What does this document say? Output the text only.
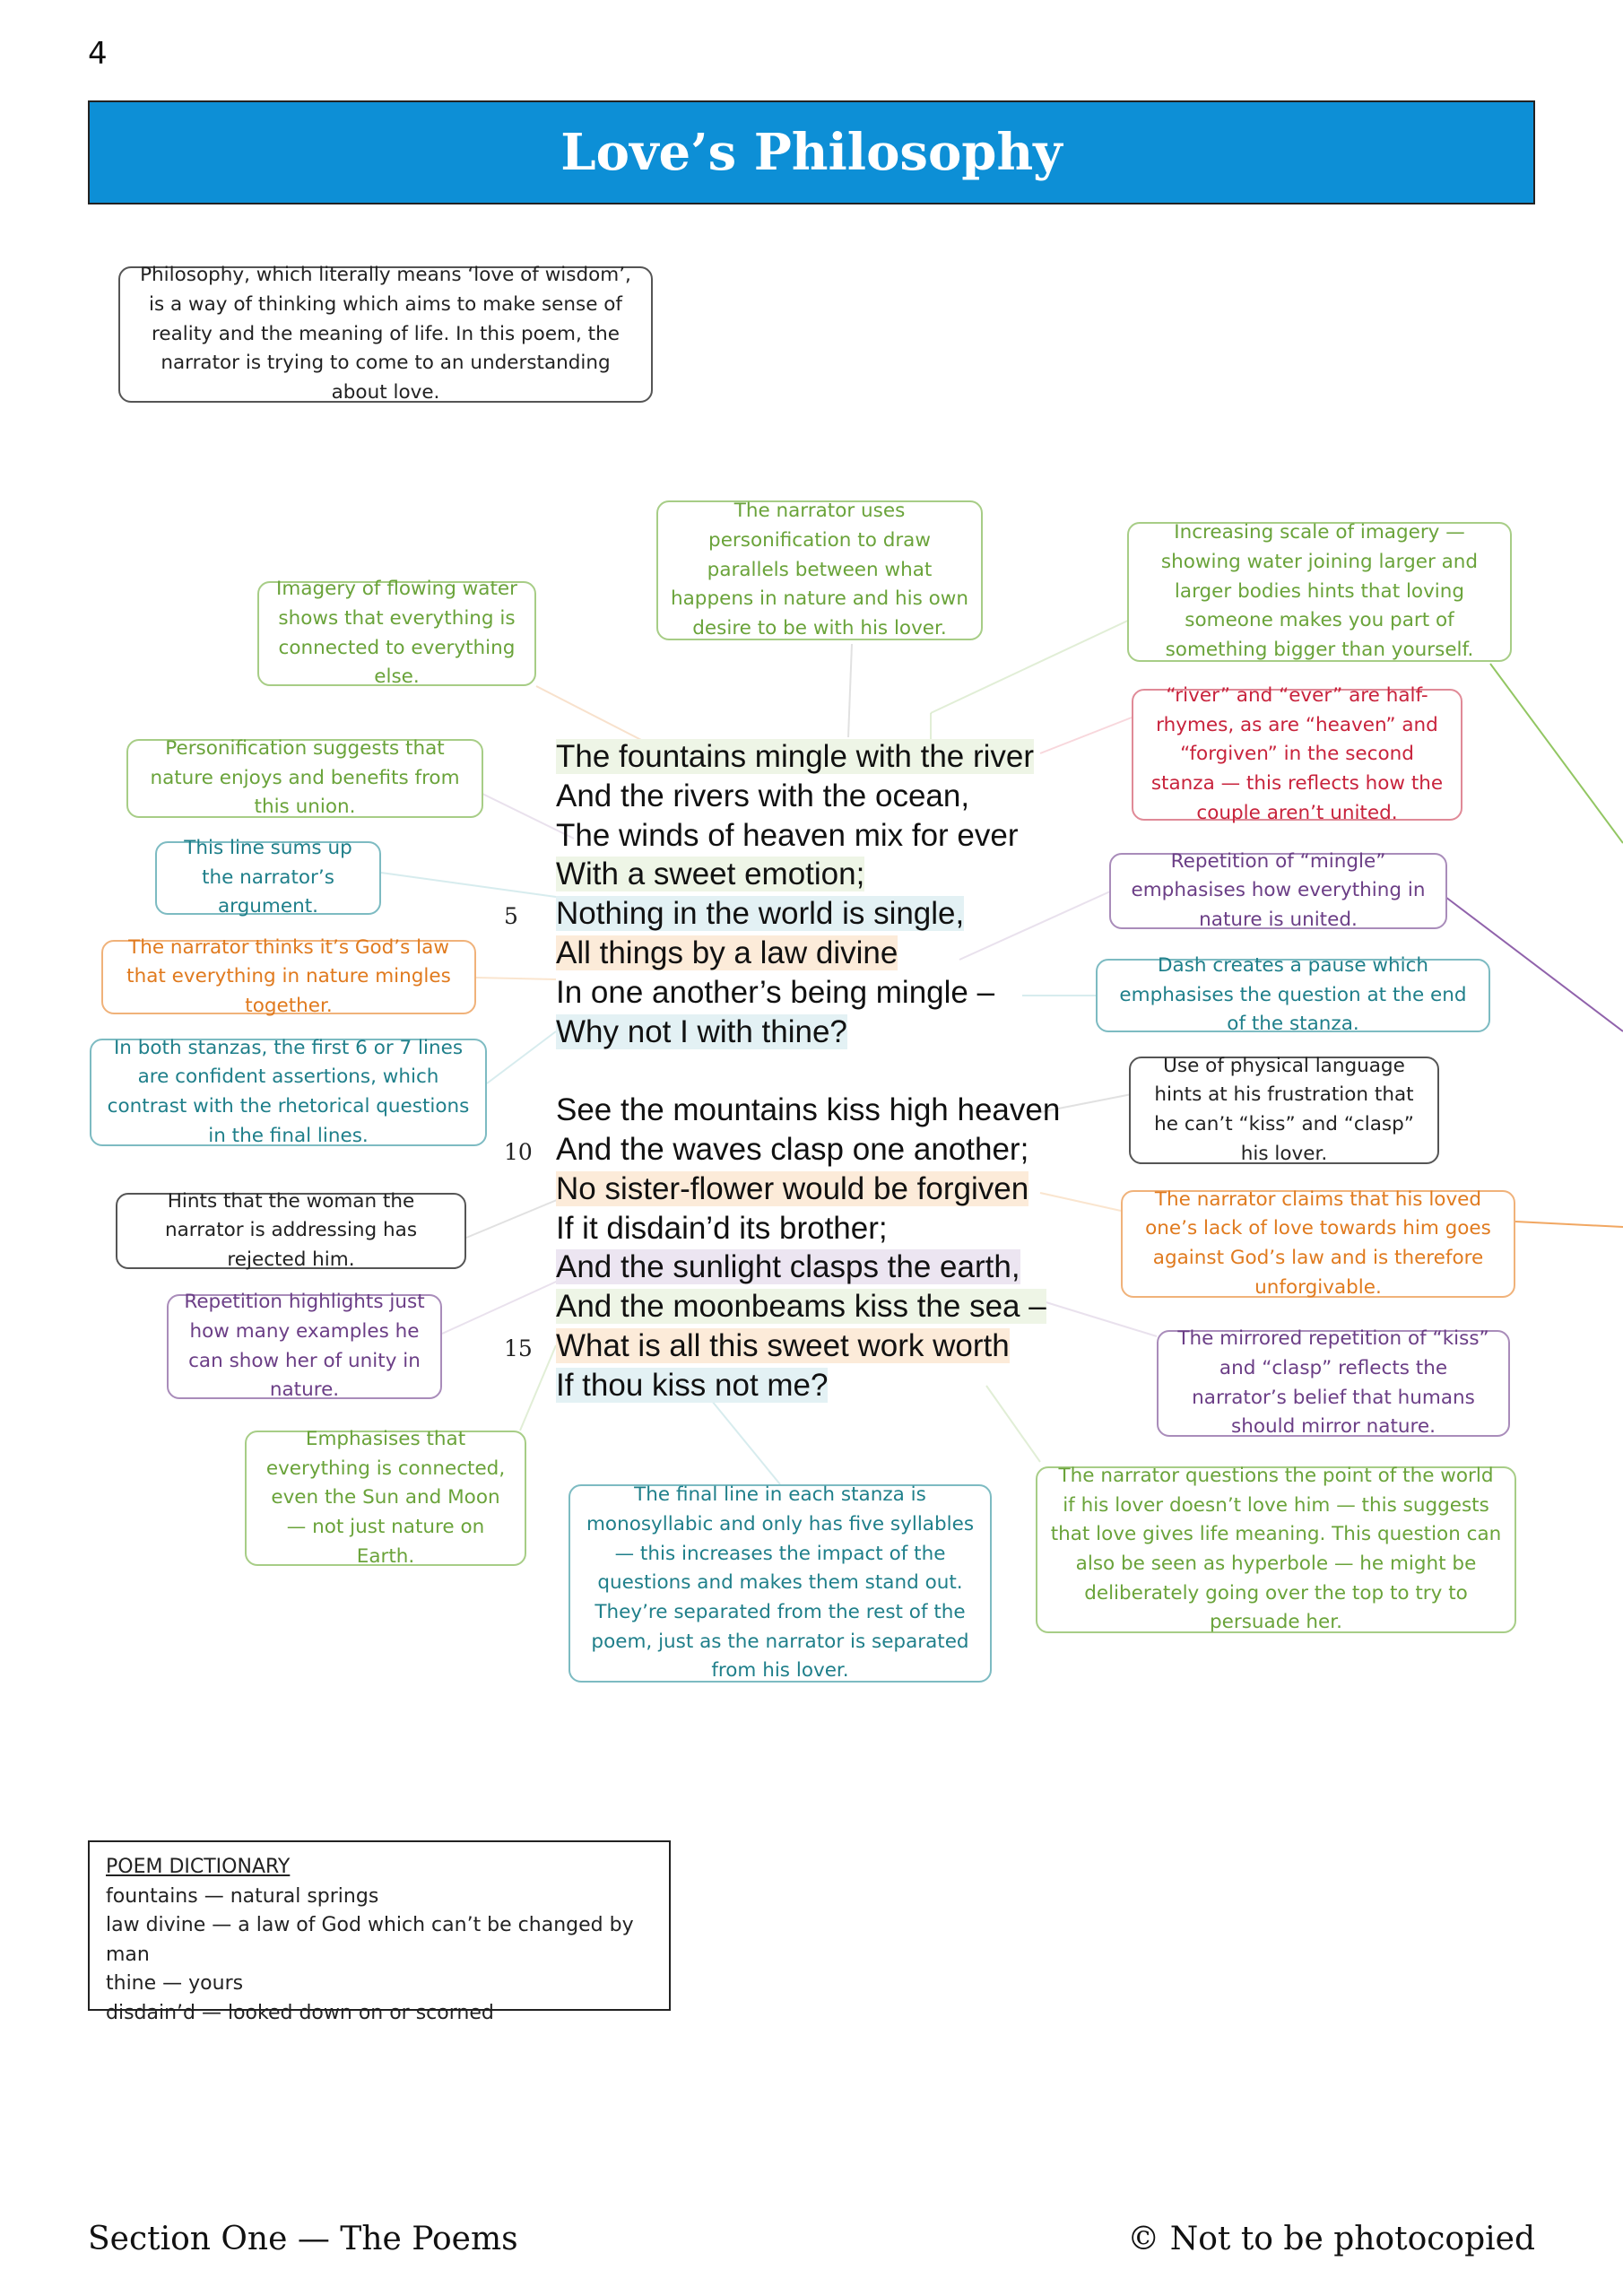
4
Love’s Philosophy
Philosophy, which literally means ‘love of wisdom’, is a way of thinking which aims to make sense of reality and the meaning of life. In this poem, the narrator is trying to come to an understanding about love.
The narrator uses personification to draw parallels between what happens in nature and his own desire to be with his lover.
Imagery of flowing water shows that everything is connected to everything else.
Increasing scale of imagery — showing water joining larger and larger bodies hints that loving someone makes you part of something bigger than yourself.
“river” and “ever” are half-rhymes, as are “heaven” and “forgiven” in the second stanza — this reflects how the couple aren’t united.
Personification suggests that nature enjoys and benefits from this union.
This line sums up the narrator’s argument.
Repetition of “mingle” emphasises how everything in nature is united.
The narrator thinks it’s God’s law that everything in nature mingles together.
Dash creates a pause which emphasises the question at the end of the stanza.
In both stanzas, the first 6 or 7 lines are confident assertions, which contrast with the rhetorical questions in the final lines.
Use of physical language hints at his frustration that he can’t “kiss” and “clasp” his lover.
Hints that the woman the narrator is addressing has rejected him.
The narrator claims that his loved one’s lack of love towards him goes against God’s law and is therefore unforgivable.
Repetition highlights just how many examples he can show her of unity in nature.
The mirrored repetition of “kiss” and “clasp” reflects the narrator’s belief that humans should mirror nature.
Emphasises that everything is connected, even the Sun and Moon — not just nature on Earth.
The final line in each stanza is monosyllabic and only has five syllables — this increases the impact of the questions and makes them stand out. They’re separated from the rest of the poem, just as the narrator is separated from his lover.
The narrator questions the point of the world if his lover doesn’t love him — this suggests that love gives life meaning. This question can also be seen as hyperbole — he might be deliberately going over the top to try to persuade her.
The fountains mingle with the river
And the rivers with the ocean,
The winds of heaven mix for ever
With a sweet emotion;
Nothing in the world is single,
All things by a law divine
In one another’s being mingle –
Why not I with thine?
See the mountains kiss high heaven
And the waves clasp one another;
No sister-flower would be forgiven
If it disdain’d its brother;
And the sunlight clasps the earth,
And the moonbeams kiss the sea –
What is all this sweet work worth
If thou kiss not me?
5
10
15
POEM DICTIONARY
fountains — natural springs
law divine — a law of God which can’t be changed by man
thine — yours
disdain’d — looked down on or scorned
Section One — The Poems	© Not to be photocopied
